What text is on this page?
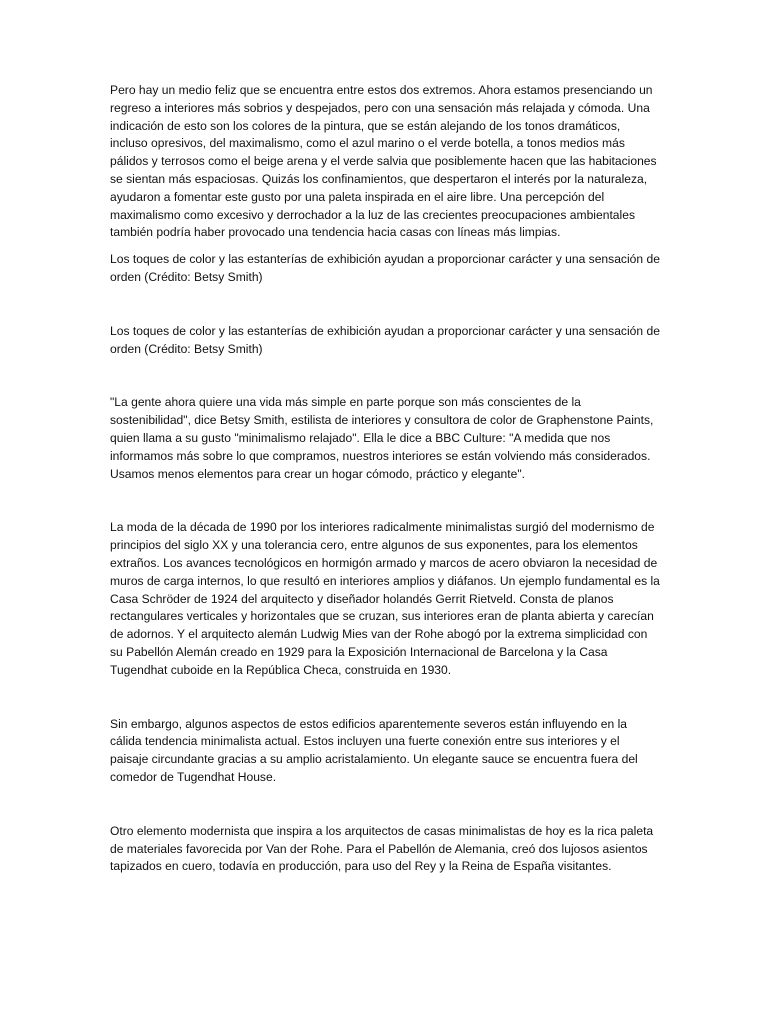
Pero hay un medio feliz que se encuentra entre estos dos extremos. Ahora estamos presenciando un regreso a interiores más sobrios y despejados, pero con una sensación más relajada y cómoda. Una indicación de esto son los colores de la pintura, que se están alejando de los tonos dramáticos, incluso opresivos, del maximalismo, como el azul marino o el verde botella, a tonos medios más pálidos y terrosos como el beige arena y el verde salvia que posiblemente hacen que las habitaciones se sientan más espaciosas. Quizás los confinamientos, que despertaron el interés por la naturaleza, ayudaron a fomentar este gusto por una paleta inspirada en el aire libre. Una percepción del maximalismo como excesivo y derrochador a la luz de las crecientes preocupaciones ambientales también podría haber provocado una tendencia hacia casas con líneas más limpias.

Los toques de color y las estanterías de exhibición ayudan a proporcionar carácter y una sensación de orden (Crédito: Betsy Smith)

Los toques de color y las estanterías de exhibición ayudan a proporcionar carácter y una sensación de orden (Crédito: Betsy Smith)

"La gente ahora quiere una vida más simple en parte porque son más conscientes de la sostenibilidad", dice Betsy Smith, estilista de interiores y consultora de color de Graphenstone Paints, quien llama a su gusto "minimalismo relajado". Ella le dice a BBC Culture: "A medida que nos informamos más sobre lo que compramos, nuestros interiores se están volviendo más considerados. Usamos menos elementos para crear un hogar cómodo, práctico y elegante".

La moda de la década de 1990 por los interiores radicalmente minimalistas surgió del modernismo de principios del siglo XX y una tolerancia cero, entre algunos de sus exponentes, para los elementos extraños. Los avances tecnológicos en hormigón armado y marcos de acero obviaron la necesidad de muros de carga internos, lo que resultó en interiores amplios y diáfanos. Un ejemplo fundamental es la Casa Schröder de 1924 del arquitecto y diseñador holandés Gerrit Rietveld. Consta de planos rectangulares verticales y horizontales que se cruzan, sus interiores eran de planta abierta y carecían de adornos. Y el arquitecto alemán Ludwig Mies van der Rohe abogó por la extrema simplicidad con su Pabellón Alemán creado en 1929 para la Exposición Internacional de Barcelona y la Casa Tugendhat cuboide en la República Checa, construida en 1930.

Sin embargo, algunos aspectos de estos edificios aparentemente severos están influyendo en la cálida tendencia minimalista actual. Estos incluyen una fuerte conexión entre sus interiores y el paisaje circundante gracias a su amplio acristalamiento. Un elegante sauce se encuentra fuera del comedor de Tugendhat House.

Otro elemento modernista que inspira a los arquitectos de casas minimalistas de hoy es la rica paleta de materiales favorecida por Van der Rohe. Para el Pabellón de Alemania, creó dos lujosos asientos tapizados en cuero, todavía en producción, para uso del Rey y la Reina de España visitantes.
